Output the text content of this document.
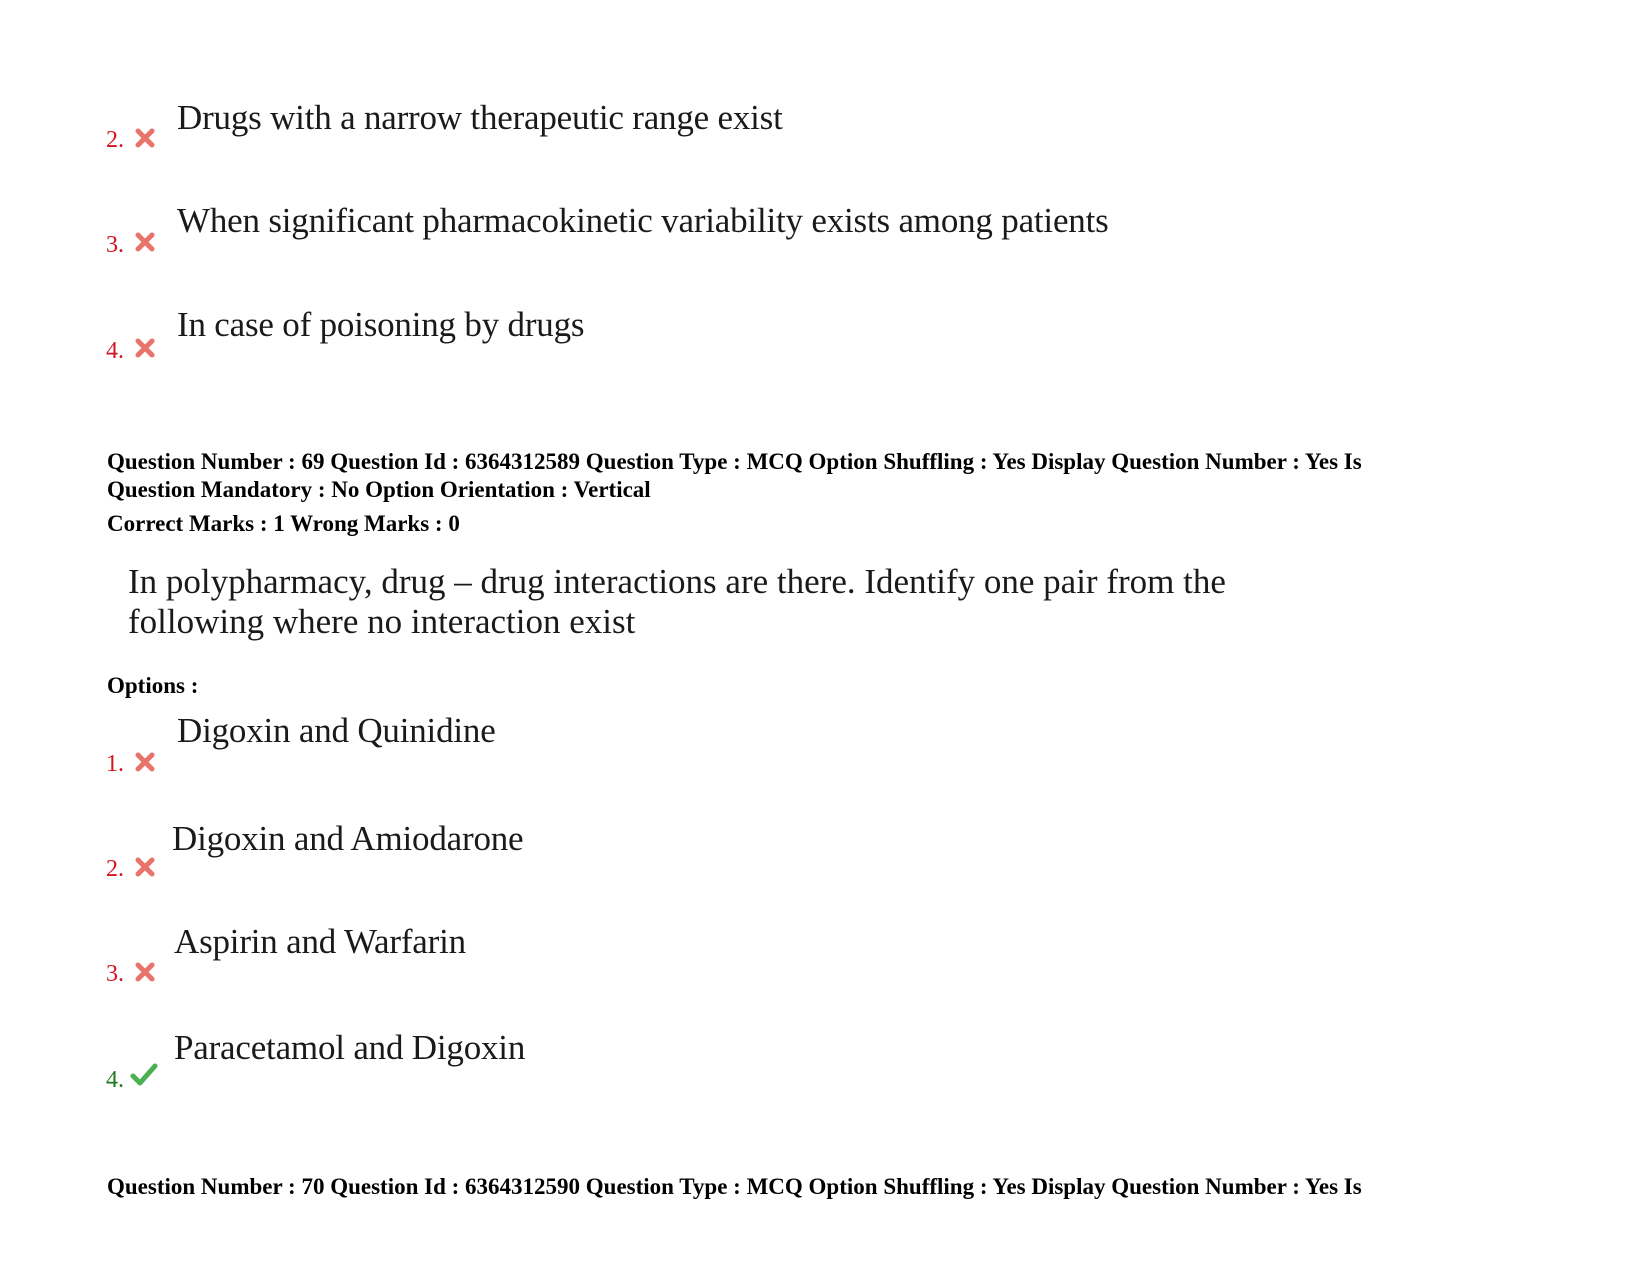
2.
Drugs with a narrow therapeutic range exist
3.
When significant pharmacokinetic variability exists among patients
4.
In case of poisoning by drugs
Question Number : 69 Question Id : 6364312589 Question Type : MCQ Option Shuffling : Yes Display Question Number : Yes Is
Question Mandatory : No Option Orientation : Vertical
Correct Marks : 1 Wrong Marks : 0
In polypharmacy, drug – drug interactions are there. Identify one pair from the
following where no interaction exist
Options :
1.
Digoxin and Quinidine
2.
Digoxin and Amiodarone
3.
Aspirin and Warfarin
4.
Paracetamol and Digoxin
Question Number : 70 Question Id : 6364312590 Question Type : MCQ Option Shuffling : Yes Display Question Number : Yes Is
